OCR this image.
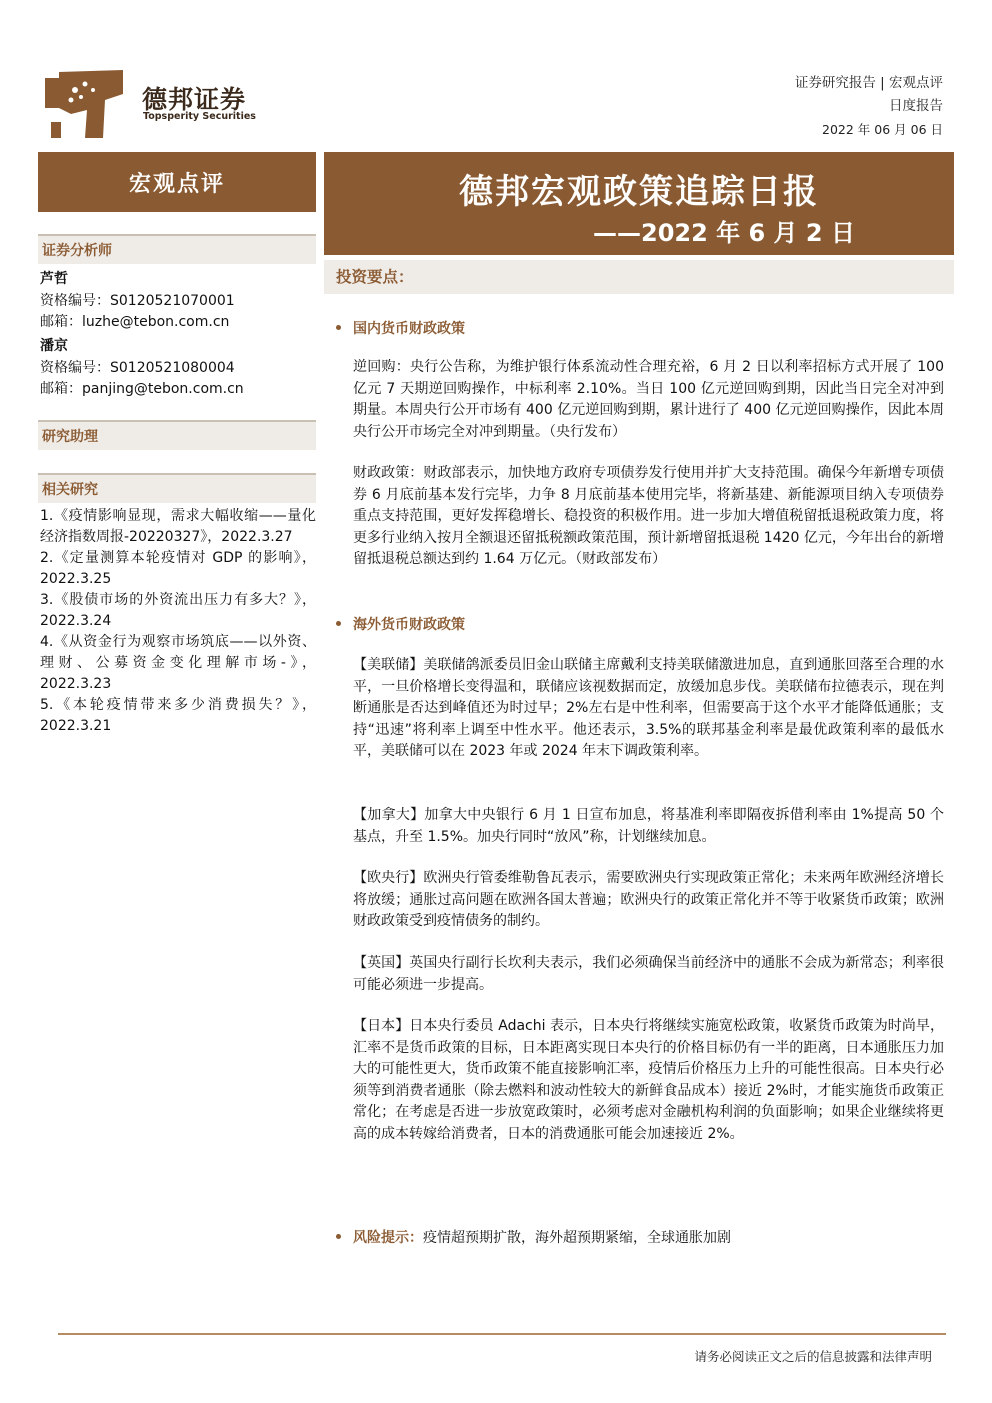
德邦证券
Topsperity Securities
证券研究报告 | 宏观点评
日度报告
2022 年 06 月 06 日
宏观点评
证券分析师
芦哲
资格编号：S0120521070001
邮箱：luzhe@tebon.com.cn
潘京
资格编号：S0120521080004
邮箱：panjing@tebon.com.cn
研究助理
相关研究
1.《疫情影响显现，需求大幅收缩——量化经济指数周报-20220327》，2022.3.27
2.《定量测算本轮疫情对 GDP 的影响》，2022.3.25
3.《股债市场的外资流出压力有多大？》，2022.3.24
4.《从资金行为观察市场筑底——以外资、理财、公募资金变化理解市场-》，2022.3.23
5.《本轮疫情带来多少消费损失？》，2022.3.21
德邦宏观政策追踪日报
——2022 年 6 月 2 日
投资要点：
国内货币财政政策

逆回购：央行公告称，为维护银行体系流动性合理充裕，6 月 2 日以利率招标方式开展了 100 亿元 7 天期逆回购操作，中标利率 2.10%。当日 100 亿元逆回购到期，因此当日完全对冲到期量。本周央行公开市场有 400 亿元逆回购到期，累计进行了 400 亿元逆回购操作，因此本周央行公开市场完全对冲到期量。（央行发布）

财政政策：财政部表示，加快地方政府专项债券发行使用并扩大支持范围。确保今年新增专项债券 6 月底前基本发行完毕，力争 8 月底前基本使用完毕，将新基建、新能源项目纳入专项债券重点支持范围，更好发挥稳增长、稳投资的积极作用。进一步加大增值税留抵退税政策力度，将更多行业纳入按月全额退还留抵税额政策范围，预计新增留抵退税 1420 亿元，今年出台的新增留抵退税总额达到约 1.64 万亿元。（财政部发布）

海外货币财政政策

【美联储】美联储鸽派委员旧金山联储主席戴利支持美联储激进加息，直到通胀回落至合理的水平，一旦价格增长变得温和，联储应该视数据而定，放缓加息步伐。美联储布拉德表示，现在判断通胀是否达到峰值还为时过早；2%左右是中性利率，但需要高于这个水平才能降低通胀；支持“迅速”将利率上调至中性水平。他还表示，3.5%的联邦基金利率是最优政策利率的最低水平，美联储可以在 2023 年或 2024 年末下调政策利率。

【加拿大】加拿大中央银行 6 月 1 日宣布加息，将基准利率即隔夜拆借利率由 1%提高 50 个基点，升至 1.5%。加央行同时“放风”称，计划继续加息。

【欧央行】欧洲央行管委维勒鲁瓦表示，需要欧洲央行实现政策正常化；未来两年欧洲经济增长将放缓；通胀过高问题在欧洲各国太普遍；欧洲央行的政策正常化并不等于收紧货币政策；欧洲财政政策受到疫情债务的制约。

【英国】英国央行副行长坎利夫表示，我们必须确保当前经济中的通胀不会成为新常态；利率很可能必须进一步提高。

【日本】日本央行委员 Adachi 表示，日本央行将继续实施宽松政策，收紧货币政策为时尚早，汇率不是货币政策的目标，日本距离实现日本央行的价格目标仍有一半的距离，日本通胀压力加大的可能性更大，货币政策不能直接影响汇率，疫情后价格压力上升的可能性很高。日本央行必须等到消费者通胀（除去燃料和波动性较大的新鲜食品成本）接近 2%时，才能实施货币政策正常化；在考虑是否进一步放宽政策时，必须考虑对金融机构利润的负面影响；如果企业继续将更高的成本转嫁给消费者，日本的消费通胀可能会加速接近 2%。

风险提示：疫情超预期扩散，海外超预期紧缩，全球通胀加剧
请务必阅读正文之后的信息披露和法律声明
